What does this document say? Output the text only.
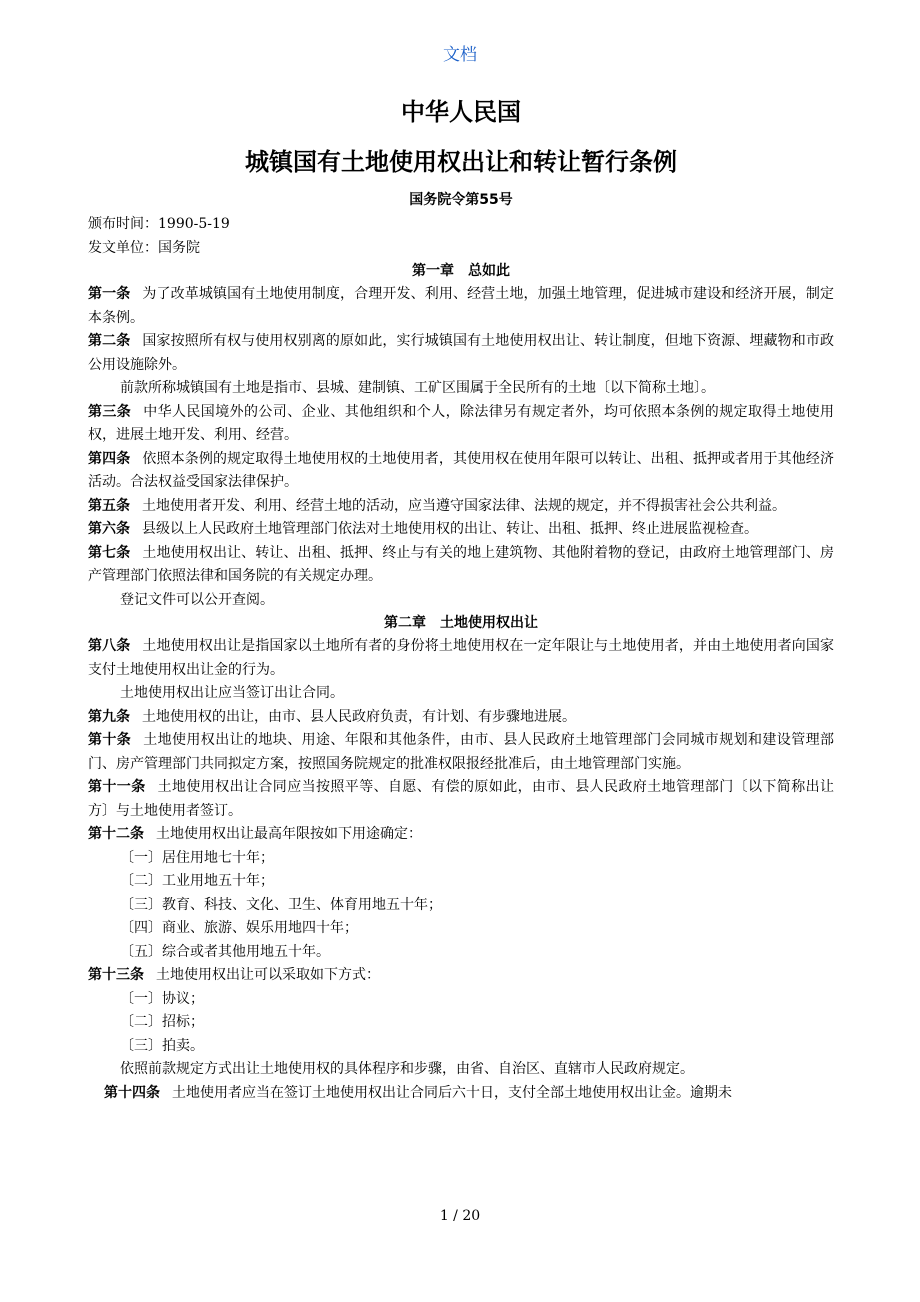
文档
中华人民国
城镇国有土地使用权出让和转让暂行条例

国务院令第55号

颁布时间：1990-5-19

发文单位：国务院

第一章　总如此

第一条 为了改革城镇国有土地使用制度，合理开发、利用、经营土地，加强土地管理，促进城市建设和经济开展，制定本条例。

第二条 国家按照所有权与使用权别离的原如此，实行城镇国有土地使用权出让、转让制度，但地下资源、埋藏物和市政公用设施除外。

前款所称城镇国有土地是指市、县城、建制镇、工矿区围属于全民所有的土地〔以下简称土地〕。

第三条 中华人民国境外的公司、企业、其他组织和个人，除法律另有规定者外，均可依照本条例的规定取得土地使用权，进展土地开发、利用、经营。

第四条 依照本条例的规定取得土地使用权的土地使用者，其使用权在使用年限可以转让、出租、抵押或者用于其他经济活动。合法权益受国家法律保护。

第五条 土地使用者开发、利用、经营土地的活动，应当遵守国家法律、法规的规定，并不得损害社会公共利益。

第六条 县级以上人民政府土地管理部门依法对土地使用权的出让、转让、出租、抵押、终止进展监视检查。

第七条 土地使用权出让、转让、出租、抵押、终止与有关的地上建筑物、其他附着物的登记，由政府土地管理部门、房产管理部门依照法律和国务院的有关规定办理。

登记文件可以公开查阅。

第二章　土地使用权出让

第八条 土地使用权出让是指国家以土地所有者的身份将土地使用权在一定年限让与土地使用者，并由土地使用者向国家支付土地使用权出让金的行为。

土地使用权出让应当签订出让合同。

第九条 土地使用权的出让，由市、县人民政府负责，有计划、有步骤地进展。

第十条 土地使用权出让的地块、用途、年限和其他条件，由市、县人民政府土地管理部门会同城市规划和建设管理部门、房产管理部门共同拟定方案，按照国务院规定的批准权限报经批准后，由土地管理部门实施。

第十一条 土地使用权出让合同应当按照平等、自愿、有偿的原如此，由市、县人民政府土地管理部门〔以下简称出让方〕与土地使用者签订。

第十二条 土地使用权出让最高年限按如下用途确定：

〔一〕居住用地七十年；

〔二〕工业用地五十年；

〔三〕教育、科技、文化、卫生、体育用地五十年；

〔四〕商业、旅游、娱乐用地四十年；

〔五〕综合或者其他用地五十年。

第十三条 土地使用权出让可以采取如下方式：

〔一〕协议；

〔二〕招标；

〔三〕拍卖。

依照前款规定方式出让土地使用权的具体程序和步骤，由省、自治区、直辖市人民政府规定。

第十四条 土地使用者应当在签订土地使用权出让合同后六十日，支付全部土地使用权出让金。逾期未

1 / 20
